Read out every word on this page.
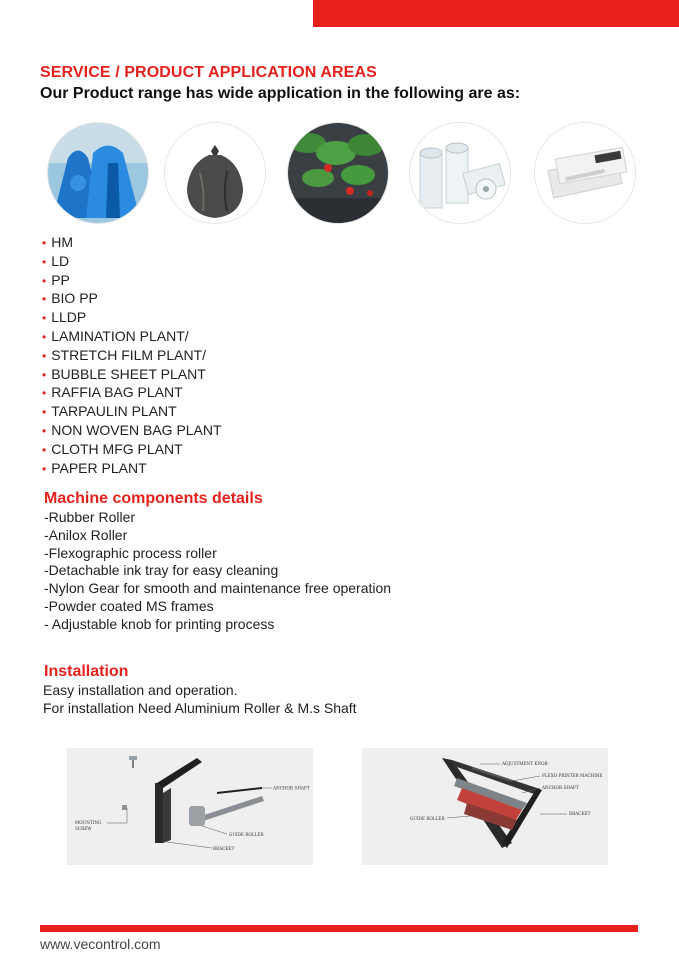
SERVICE / PRODUCT APPLICATION AREAS
Our Product range has wide application in the following are as:
• HM
• LD
• PP
• BIO PP
• LLDP
• LAMINATION PLANT/
• STRETCH FILM PLANT/
• BUBBLE SHEET PLANT
• RAFFIA BAG PLANT
• TARPAULIN PLANT
• NON WOVEN BAG PLANT
• CLOTH MFG PLANT
• PAPER PLANT
Machine components details
-Rubber Roller
-Anilox Roller
-Flexographic process roller
-Detachable ink tray for easy cleaning
-Nylon Gear for smooth and maintenance free operation
-Powder coated MS frames
- Adjustable knob for printing process
Installation
Easy installation and operation.
For installation Need Aluminium Roller & M.s Shaft
ANCHOR SHAFT
MOUNTING
SCREW
GUIDE ROLLER
BRACKET
ADJUSTMENT KNOB
FLEXO PRINTER MACHINE
ANCHOR SHAFT
BRACKET
GUIDE ROLLER
www.vecontrol.com
